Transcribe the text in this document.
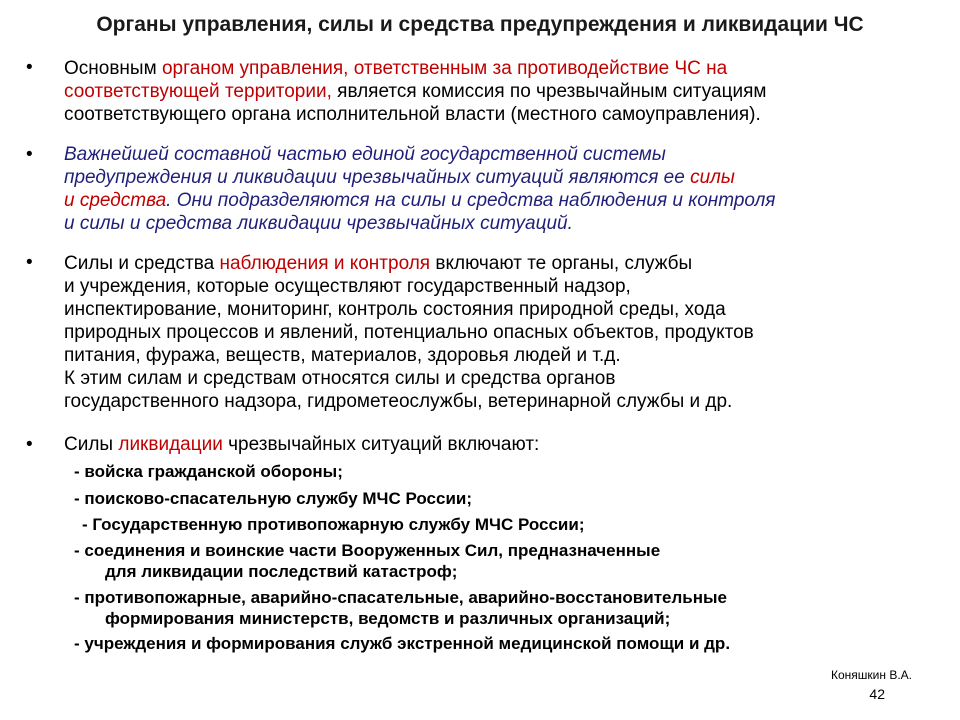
Органы управления, силы и средства предупреждения и ликвидации ЧС
• Основным органом управления, ответственным за противодействие ЧС на
соответствующей территории, является комиссия по чрезвычайным ситуациям
соответствующего органа исполнительной власти (местного самоуправления).
• Важнейшей составной частью единой государственной системы
предупреждения и ликвидации чрезвычайных ситуаций являются ее силы
и средства. Они подразделяются на силы и средства наблюдения и контроля
и силы и средства ликвидации чрезвычайных ситуаций.
• Силы и средства наблюдения и контроля включают те органы, службы
и учреждения, которые осуществляют государственный надзор,
инспектирование, мониторинг, контроль состояния природной среды, хода
природных процессов и явлений, потенциально опасных объектов, продуктов
питания, фуража, веществ, материалов, здоровья людей и т.д.
К этим силам и средствам относятся силы и средства органов
государственного надзора, гидрометеослужбы, ветеринарной службы и др.
• Силы ликвидации чрезвычайных ситуаций включают:
- войска гражданской обороны;
- поисково-спасательную службу МЧС России;
- Государственную противопожарную службу МЧС России;
- соединения и воинские части Вооруженных Сил, предназначенные
для ликвидации последствий катастроф;
- противопожарные, аварийно-спасательные, аварийно-восстановительные
формирования министерств, ведомств и различных организаций;
- учреждения и формирования служб экстренной медицинской помощи и др.
Коняшкин В.А.
42
